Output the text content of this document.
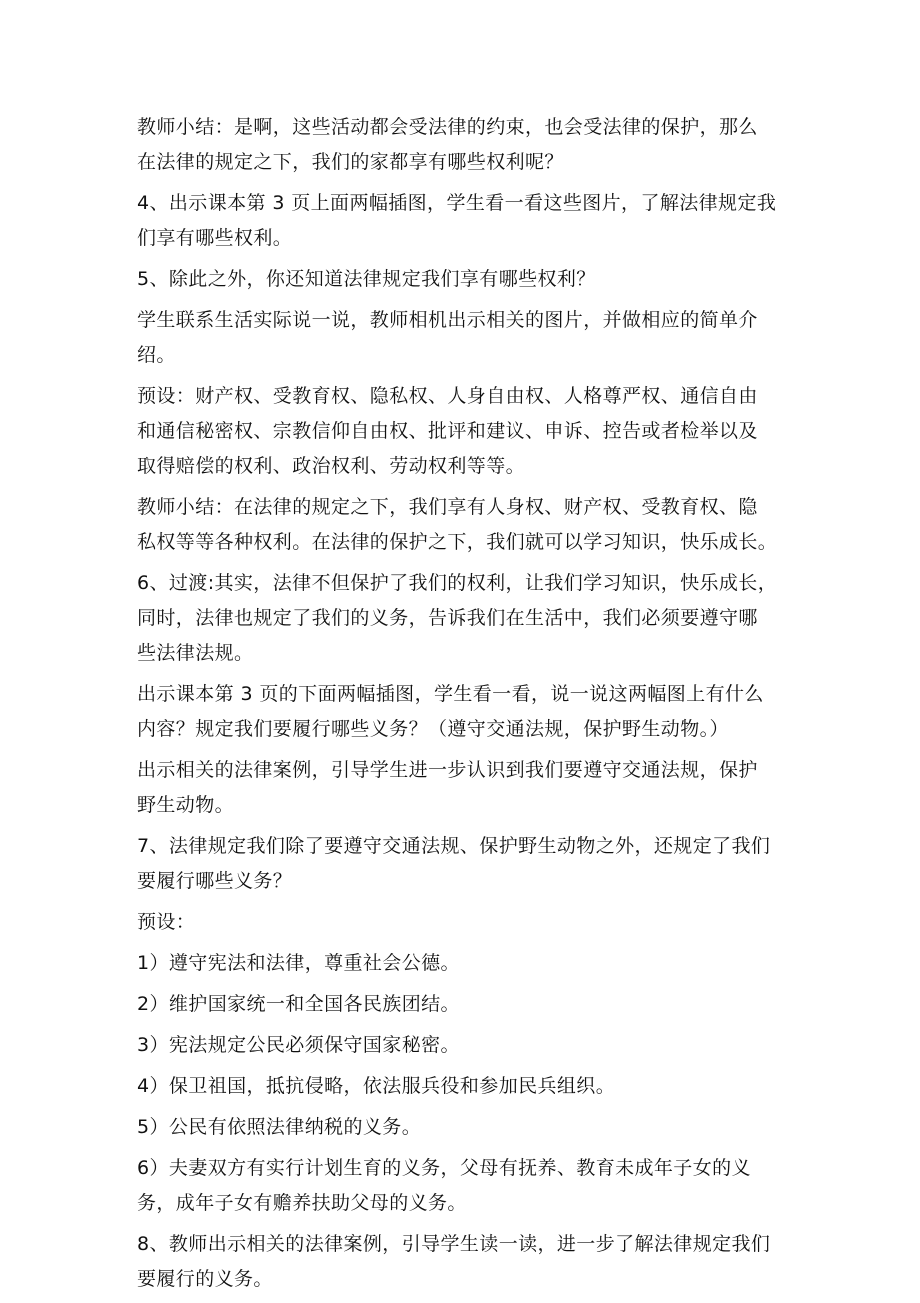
教师小结：是啊，这些活动都会受法律的约束，也会受法律的保护，那么
在法律的规定之下，我们的家都享有哪些权利呢？

4、出示课本第 3 页上面两幅插图，学生看一看这些图片，了解法律规定我
们享有哪些权利。

5、除此之外，你还知道法律规定我们享有哪些权利？

学生联系生活实际说一说，教师相机出示相关的图片，并做相应的简单介
绍。

预设：财产权、受教育权、隐私权、人身自由权、人格尊严权、通信自由
和通信秘密权、宗教信仰自由权、批评和建议、申诉、控告或者检举以及
取得赔偿的权利、政治权利、劳动权利等等。

教师小结：在法律的规定之下，我们享有人身权、财产权、受教育权、隐
私权等等各种权利。在法律的保护之下，我们就可以学习知识，快乐成长。

6、过渡:其实，法律不但保护了我们的权利，让我们学习知识，快乐成长，
同时，法律也规定了我们的义务，告诉我们在生活中，我们必须要遵守哪
些法律法规。

出示课本第 3 页的下面两幅插图，学生看一看，说一说这两幅图上有什么
内容？规定我们要履行哪些义务？（遵守交通法规，保护野生动物。）

出示相关的法律案例，引导学生进一步认识到我们要遵守交通法规，保护
野生动物。

7、法律规定我们除了要遵守交通法规、保护野生动物之外，还规定了我们
要履行哪些义务？

预设：

1）遵守宪法和法律，尊重社会公德。

2）维护国家统一和全国各民族团结。

3）宪法规定公民必须保守国家秘密。

4）保卫祖国，抵抗侵略，依法服兵役和参加民兵组织。

5）公民有依照法律纳税的义务。

6）夫妻双方有实行计划生育的义务，父母有抚养、教育未成年子女的义
务，成年子女有赡养扶助父母的义务。

8、教师出示相关的法律案例，引导学生读一读，进一步了解法律规定我们
要履行的义务。
